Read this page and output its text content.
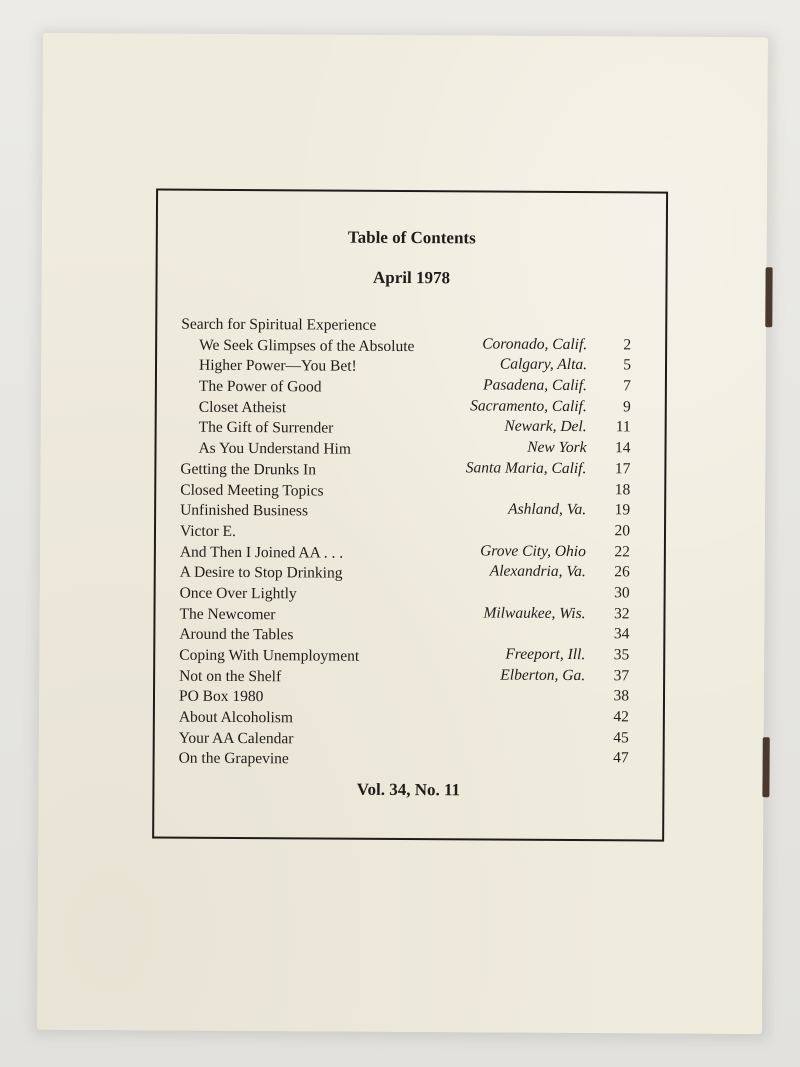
Table of Contents
April 1978
Search for Spiritual Experience
We Seek Glimpses of the Absolute	Coronado, Calif. 2
Higher Power—You Bet!	Calgary, Alta. 5
The Power of Good	Pasadena, Calif. 7
Closet Atheist	Sacramento, Calif. 9
The Gift of Surrender	Newark, Del. 11
As You Understand Him	New York 14
Getting the Drunks In	Santa Maria, Calif. 17
Closed Meeting Topics	18
Unfinished Business	Ashland, Va. 19
Victor E.	20
And Then I Joined AA . . .	Grove City, Ohio 22
A Desire to Stop Drinking	Alexandria, Va. 26
Once Over Lightly	30
The Newcomer	Milwaukee, Wis. 32
Around the Tables	34
Coping With Unemployment	Freeport, Ill. 35
Not on the Shelf	Elberton, Ga. 37
PO Box 1980	38
About Alcoholism	42
Your AA Calendar	45
On the Grapevine	47
Vol. 34, No. 11
